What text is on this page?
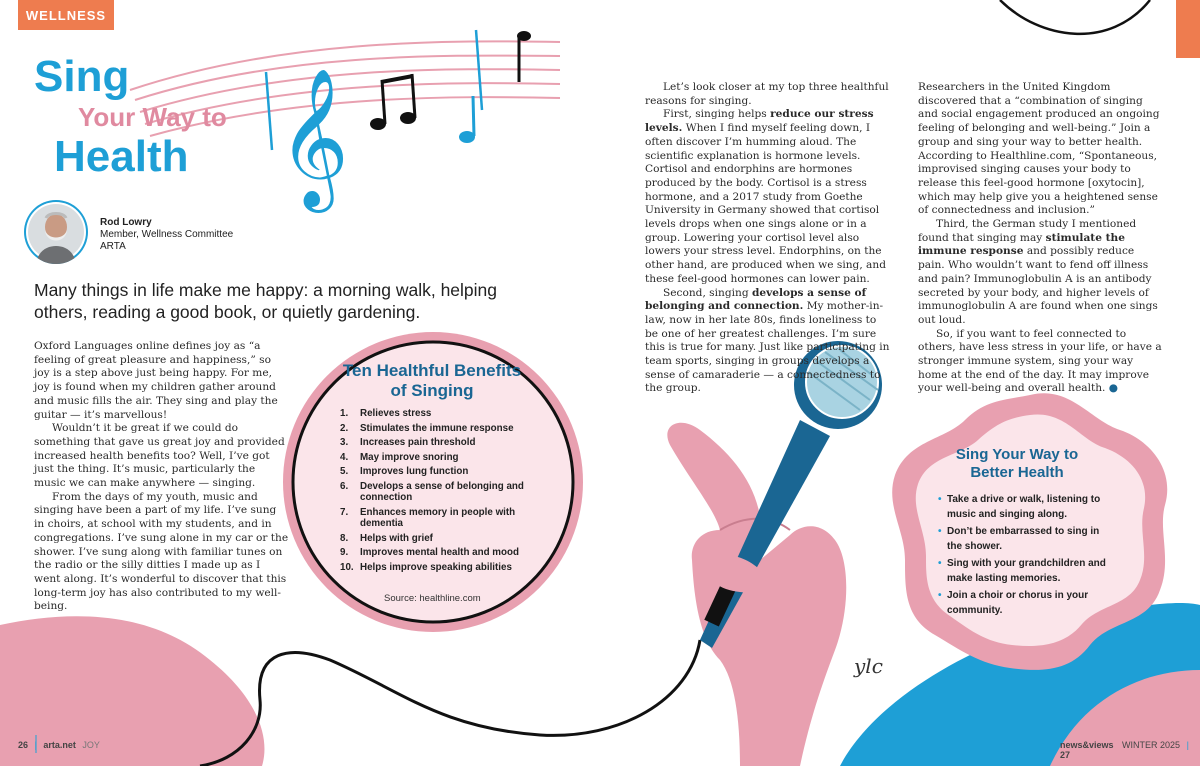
𝄞
WELLNESS
Sing
Your Way to
Health
Rod Lowry
Member, Wellness Committee
ARTA
Many things in life make me happy: a morning walk, helping others, reading a good book, or quietly gardening.

Oxford Languages online defines joy as “a feeling of great pleasure and happiness,” so joy is a step above just being happy. For me, joy is found when my children gather around and music fills the air. They sing and play the guitar — it’s marvellous!

Wouldn’t it be great if we could do something that gave us great joy and provided increased health benefits too? Well, I’ve got just the thing. It’s music, particularly the music we can make anywhere — singing.

From the days of my youth, music and singing have been a part of my life. I’ve sung in choirs, at school with my students, and in congregations. I’ve sung alone in my car or the shower. I’ve sung along with familiar tunes on the radio or the silly ditties I made up as I went along. It’s wonderful to discover that this long-term joy has also contributed to my well-being.

Let’s look closer at my top three healthful reasons for singing.

First, singing helps reduce our stress levels. When I find myself feeling down, I often discover I’m humming aloud. The scientific explanation is hormone levels. Cortisol and endorphins are hormones produced by the body. Cortisol is a stress hormone, and a 2017 study from Goethe University in Germany showed that cortisol levels drops when one sings alone or in a group. Lowering your cortisol level also lowers your stress level. Endorphins, on the other hand, are produced when we sing, and these feel-good hormones can lower pain.

Second, singing develops a sense of belonging and connection. My mother-in-law, now in her late 80s, finds loneliness to be one of her greatest challenges. I’m sure this is true for many. Just like participating in team sports, singing in groups develops a sense of camaraderie — a connectedness to the group.

Researchers in the United Kingdom discovered that a “combination of singing and social engagement produced an ongoing feeling of belonging and well-being.” Join a group and sing your way to better health. According to Healthline.com, “Spontaneous, improvised singing causes your body to release this feel-good hormone [oxytocin], which may help give you a heightened sense of connectedness and inclusion.”

Third, the German study I mentioned found that singing may stimulate the immune response and possibly reduce pain. Who wouldn’t want to fend off illness and pain? Immunoglobulin A is an antibody secreted by your body, and higher levels of immunoglobulin A are found when one sings out loud.

So, if you want to feel connected to others, have less stress in your life, or have a stronger immune system, sing your way home at the end of the day. It may improve your well-being and overall health. ●

Ten Healthful Benefits of Singing
1.	Relieves stress
2.	Stimulates the immune response
3.	Increases pain threshold
4.	May improve snoring
5.	Improves lung function
6.	Develops a sense of belonging and connection
7.	Enhances memory in people with dementia
8.	Helps with grief
9.	Improves mental health and mood
10. Helps improve speaking abilities
Source: healthline.com
Sing Your Way to Better Health
• Take a drive or walk, listening to music and singing along.
• Don’t be embarrassed to sing in the shower.
• Sing with your grandchildren and make lasting memories.
• Join a choir or chorus in your community.
ylc
26 | arta.net JOY	news&views WINTER 2025 | 27
